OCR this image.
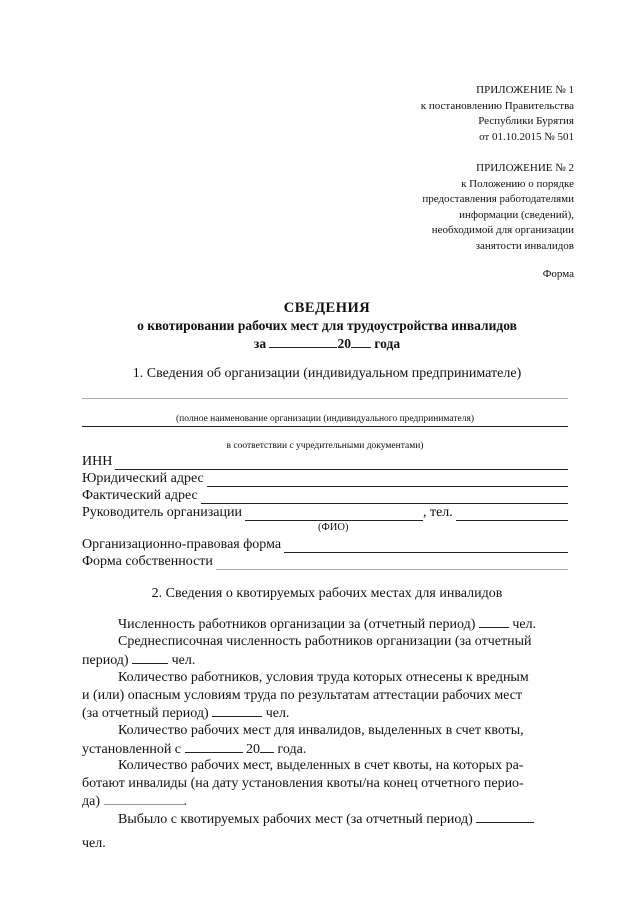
ПРИЛОЖЕНИЕ № 1
к постановлению Правительства
Республики Бурятия
от 01.10.2015 № 501
ПРИЛОЖЕНИЕ № 2
к Положению о порядке
предоставления работодателями
информации (сведений),
необходимой для организации
занятости инвалидов
Форма
СВЕДЕНИЯ
о квотировании рабочих мест для трудоустройства инвалидов
за	20 года
1. Сведения об организации (индивидуальном предпринимателе)
(полное наименование организации (индивидуального предпринимателя)
в соответствии с учредительными документами)
ИНН
Юридический адрес
Фактический адрес
Руководитель организации	, тел.
(ФИО)
Организационно-правовая форма
Форма собственности
2. Сведения о квотируемых рабочих местах для инвалидов
Численность работников организации за (отчетный период)	чел.
Среднесписочная численность работников организации (за отчетный
период)	чел.
Количество работников, условия труда которых отнесены к вредным
и (или) опасным условиям труда по результатам аттестации рабочих мест
(за отчетный период)	чел.
Количество рабочих мест для инвалидов, выделенных в счет квоты,
установленной с	20 года.
Количество рабочих мест, выделенных в счет квоты, на которых ра-
ботают инвалиды (на дату установления квоты/на конец отчетного перио-
да)	.
Выбыло с квотируемых рабочих мест (за отчетный период)
чел.
